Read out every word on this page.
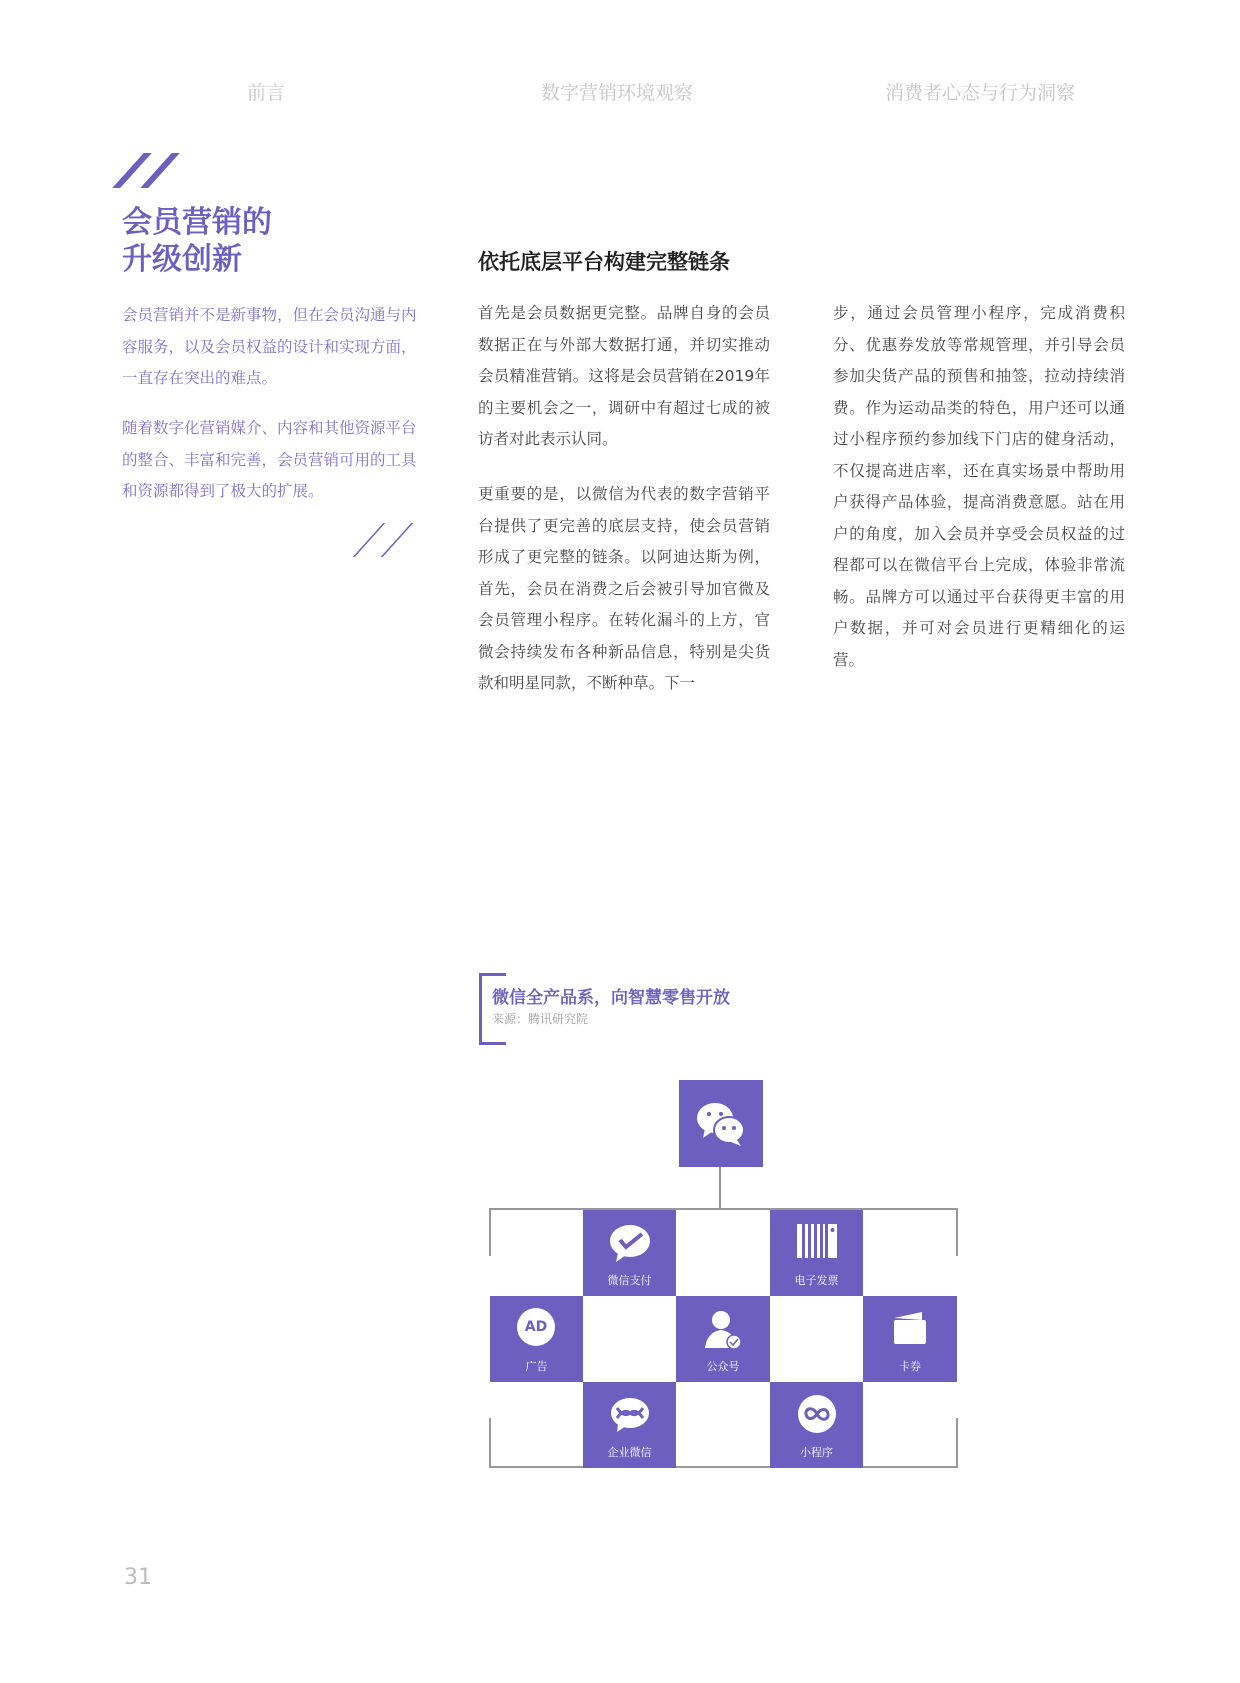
前言	数字营销环境观察	消费者心态与行为洞察
会员营销的
升级创新

会员营销并不是新事物，但在会员沟通与内容服务，以及会员权益的设计和实现方面，一直存在突出的难点。

随着数字化营销媒介、内容和其他资源平台的整合、丰富和完善，会员营销可用的工具和资源都得到了极大的扩展。

依托底层平台构建完整链条

首先是会员数据更完整。品牌自身的会员数据正在与外部大数据打通，并切实推动会员精准营销。这将是会员营销在2019年的主要机会之一，调研中有超过七成的被访者对此表示认同。

更重要的是，以微信为代表的数字营销平台提供了更完善的底层支持，使会员营销形成了更完整的链条。以阿迪达斯为例，首先，会员在消费之后会被引导加官微及会员管理小程序。在转化漏斗的上方，官微会持续发布各种新品信息，特别是尖货款和明星同款，不断种草。下一

步，通过会员管理小程序，完成消费积分、优惠券发放等常规管理，并引导会员参加尖货产品的预售和抽签，拉动持续消费。作为运动品类的特色，用户还可以通过小程序预约参加线下门店的健身活动，不仅提高进店率，还在真实场景中帮助用户获得产品体验，提高消费意愿。站在用户的角度，加入会员并享受会员权益的过程都可以在微信平台上完成，体验非常流畅。品牌方可以通过平台获得更丰富的用户数据，并可对会员进行更精细化的运营。

微信全产品系，向智慧零售开放
来源：腾讯研究院
微信支付	电子发票
AD
广告	公众号	卡券
企业微信	小程序
31
